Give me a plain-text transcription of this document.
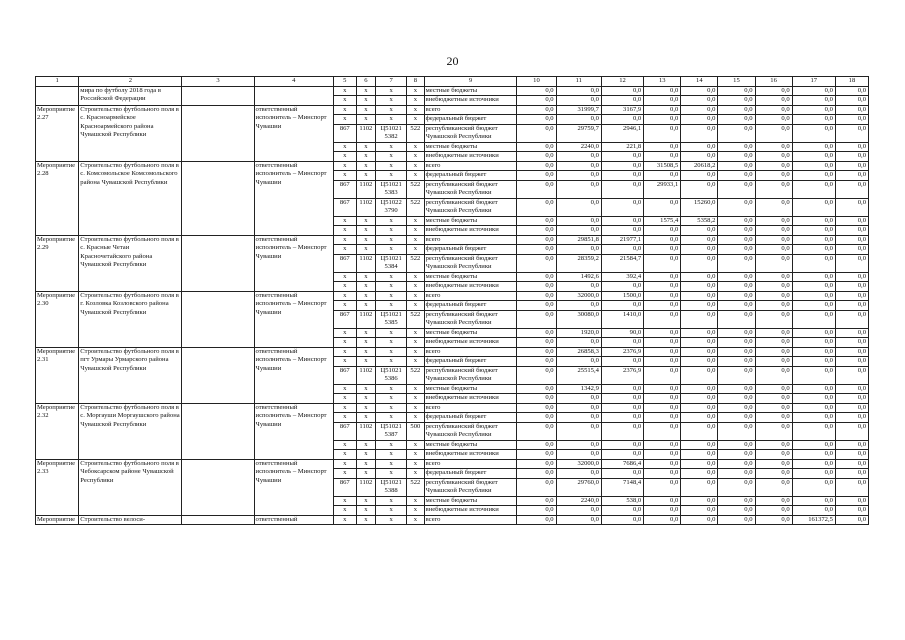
20
1	2	3	4	5	6	7	8	9	10	11	12	13	14	15	16	17	18
	мира по футболу 2018 года в Российской Федерации			х	х	х	х	местные бюджеты	0,0	0,0	0,0	0,0	0,0	0,0	0,0	0,0	0,0
				х	х	х	х	внебюджетные источники	0,0	0,0	0,0	0,0	0,0	0,0	0,0	0,0	0,0
Мероприятие 2.27	Строительство футбольного поля в с. Красноармейское Красноармейского района Чувашской Республики		ответственный исполнитель – Минспорт Чувашии	х	х	х	х	всего	0,0	31999,7	3167,9	0,0	0,0	0,0	0,0	0,0	0,0
				х	х	х	х	федеральный бюджет	0,0	0,0	0,0	0,0	0,0	0,0	0,0	0,0	0,0
				867	1102	Ц51021 5382	522	республиканский бюджет Чувашской Республики	0,0	29759,7	2946,1	0,0	0,0	0,0	0,0	0,0	0,0
				х	х	х	х	местные бюджеты	0,0	2240,0	221,8	0,0	0,0	0,0	0,0	0,0	0,0
				х	х	х	х	внебюджетные источники	0,0	0,0	0,0	0,0	0,0	0,0	0,0	0,0	0,0
Мероприятие 2.28	Строительство футбольного поля в с. Комсомольское Комсомольского района Чувашской Республики		ответственный исполнитель – Минспорт Чувашии	х	х	х	х	всего	0,0	0,0	0,0	31508,5	20618,2	0,0	0,0	0,0	0,0
				х	х	х	х	федеральный бюджет	0,0	0,0	0,0	0,0	0,0	0,0	0,0	0,0	0,0
				867	1102	Ц51021 5383	522	республиканский бюджет Чувашской Республики	0,0	0,0	0,0	29933,1	0,0	0,0	0,0	0,0	0,0
				867	1102	Ц51022 3790	522	республиканский бюджет Чувашской Республики	0,0	0,0	0,0	0,0	15260,0	0,0	0,0	0,0	0,0
				х	х	х	х	местные бюджеты	0,0	0,0	0,0	1575,4	5358,2	0,0	0,0	0,0	0,0
				х	х	х	х	внебюджетные источники	0,0	0,0	0,0	0,0	0,0	0,0	0,0	0,0	0,0
Мероприятие 2.29	Строительство футбольного поля в с. Красные Четаи Красночетайского района Чувашской Республики		ответственный исполнитель – Минспорт Чувашии	х	х	х	х	всего	0,0	29851,8	21977,1	0,0	0,0	0,0	0,0	0,0	0,0
				х	х	х	х	федеральный бюджет	0,0	0,0	0,0	0,0	0,0	0,0	0,0	0,0	0,0
				867	1102	Ц51021 5384	522	республиканский бюджет Чувашской Республики	0,0	28359,2	21584,7	0,0	0,0	0,0	0,0	0,0	0,0
				х	х	х	х	местные бюджеты	0,0	1492,6	392,4	0,0	0,0	0,0	0,0	0,0	0,0
				х	х	х	х	внебюджетные источники	0,0	0,0	0,0	0,0	0,0	0,0	0,0	0,0	0,0
Мероприятие 2.30	Строительство футбольного поля в г. Козловка Козловского района Чувашской Республики		ответственный исполнитель – Минспорт Чувашии	х	х	х	х	всего	0,0	32000,0	1500,0	0,0	0,0	0,0	0,0	0,0	0,0
				х	х	х	х	федеральный бюджет	0,0	0,0	0,0	0,0	0,0	0,0	0,0	0,0	0,0
				867	1102	Ц51021 5385	522	республиканский бюджет Чувашской Республики	0,0	30080,0	1410,0	0,0	0,0	0,0	0,0	0,0	0,0
				х	х	х	х	местные бюджеты	0,0	1920,0	90,0	0,0	0,0	0,0	0,0	0,0	0,0
				х	х	х	х	внебюджетные источники	0,0	0,0	0,0	0,0	0,0	0,0	0,0	0,0	0,0
Мероприятие 2.31	Строительство футбольного поля в пгт Урмары Урмарского района Чувашской Республики		ответственный исполнитель – Минспорт Чувашии	х	х	х	х	всего	0,0	26858,3	2376,9	0,0	0,0	0,0	0,0	0,0	0,0
				х	х	х	х	федеральный бюджет	0,0	0,0	0,0	0,0	0,0	0,0	0,0	0,0	0,0
				867	1102	Ц51021 5386	522	республиканский бюджет Чувашской Республики	0,0	25515,4	2376,9	0,0	0,0	0,0	0,0	0,0	0,0
				х	х	х	х	местные бюджеты	0,0	1342,9	0,0	0,0	0,0	0,0	0,0	0,0	0,0
				х	х	х	х	внебюджетные источники	0,0	0,0	0,0	0,0	0,0	0,0	0,0	0,0	0,0
Мероприятие 2.32	Строительство футбольного поля в с. Моргауши Моргаушского района Чувашской Республики		ответственный исполнитель – Минспорт Чувашии	х	х	х	х	всего	0,0	0,0	0,0	0,0	0,0	0,0	0,0	0,0	0,0
				х	х	х	х	федеральный бюджет	0,0	0,0	0,0	0,0	0,0	0,0	0,0	0,0	0,0
				867	1102	Ц51021 5387	500	республиканский бюджет Чувашской Республики	0,0	0,0	0,0	0,0	0,0	0,0	0,0	0,0	0,0
				х	х	х	х	местные бюджеты	0,0	0,0	0,0	0,0	0,0	0,0	0,0	0,0	0,0
				х	х	х	х	внебюджетные источники	0,0	0,0	0,0	0,0	0,0	0,0	0,0	0,0	0,0
Мероприятие 2.33	Строительство футбольного поля в Чебоксарском районе Чувашской Республики		ответственный исполнитель – Минспорт Чувашии	х	х	х	х	всего	0,0	32000,0	7686,4	0,0	0,0	0,0	0,0	0,0	0,0
				х	х	х	х	федеральный бюджет	0,0	0,0	0,0	0,0	0,0	0,0	0,0	0,0	0,0
				867	1102	Ц51021 5388	522	республиканский бюджет Чувашской Республики	0,0	29760,0	7148,4	0,0	0,0	0,0	0,0	0,0	0,0
				х	х	х	х	местные бюджеты	0,0	2240,0	538,0	0,0	0,0	0,0	0,0	0,0	0,0
				х	х	х	х	внебюджетные источники	0,0	0,0	0,0	0,0	0,0	0,0	0,0	0,0	0,0
Мероприятие	Строительство велоси-		ответственный	х	х	х	х	всего	0,0	0,0	0,0	0,0	0,0	0,0	0,0	161372,5	0,0
